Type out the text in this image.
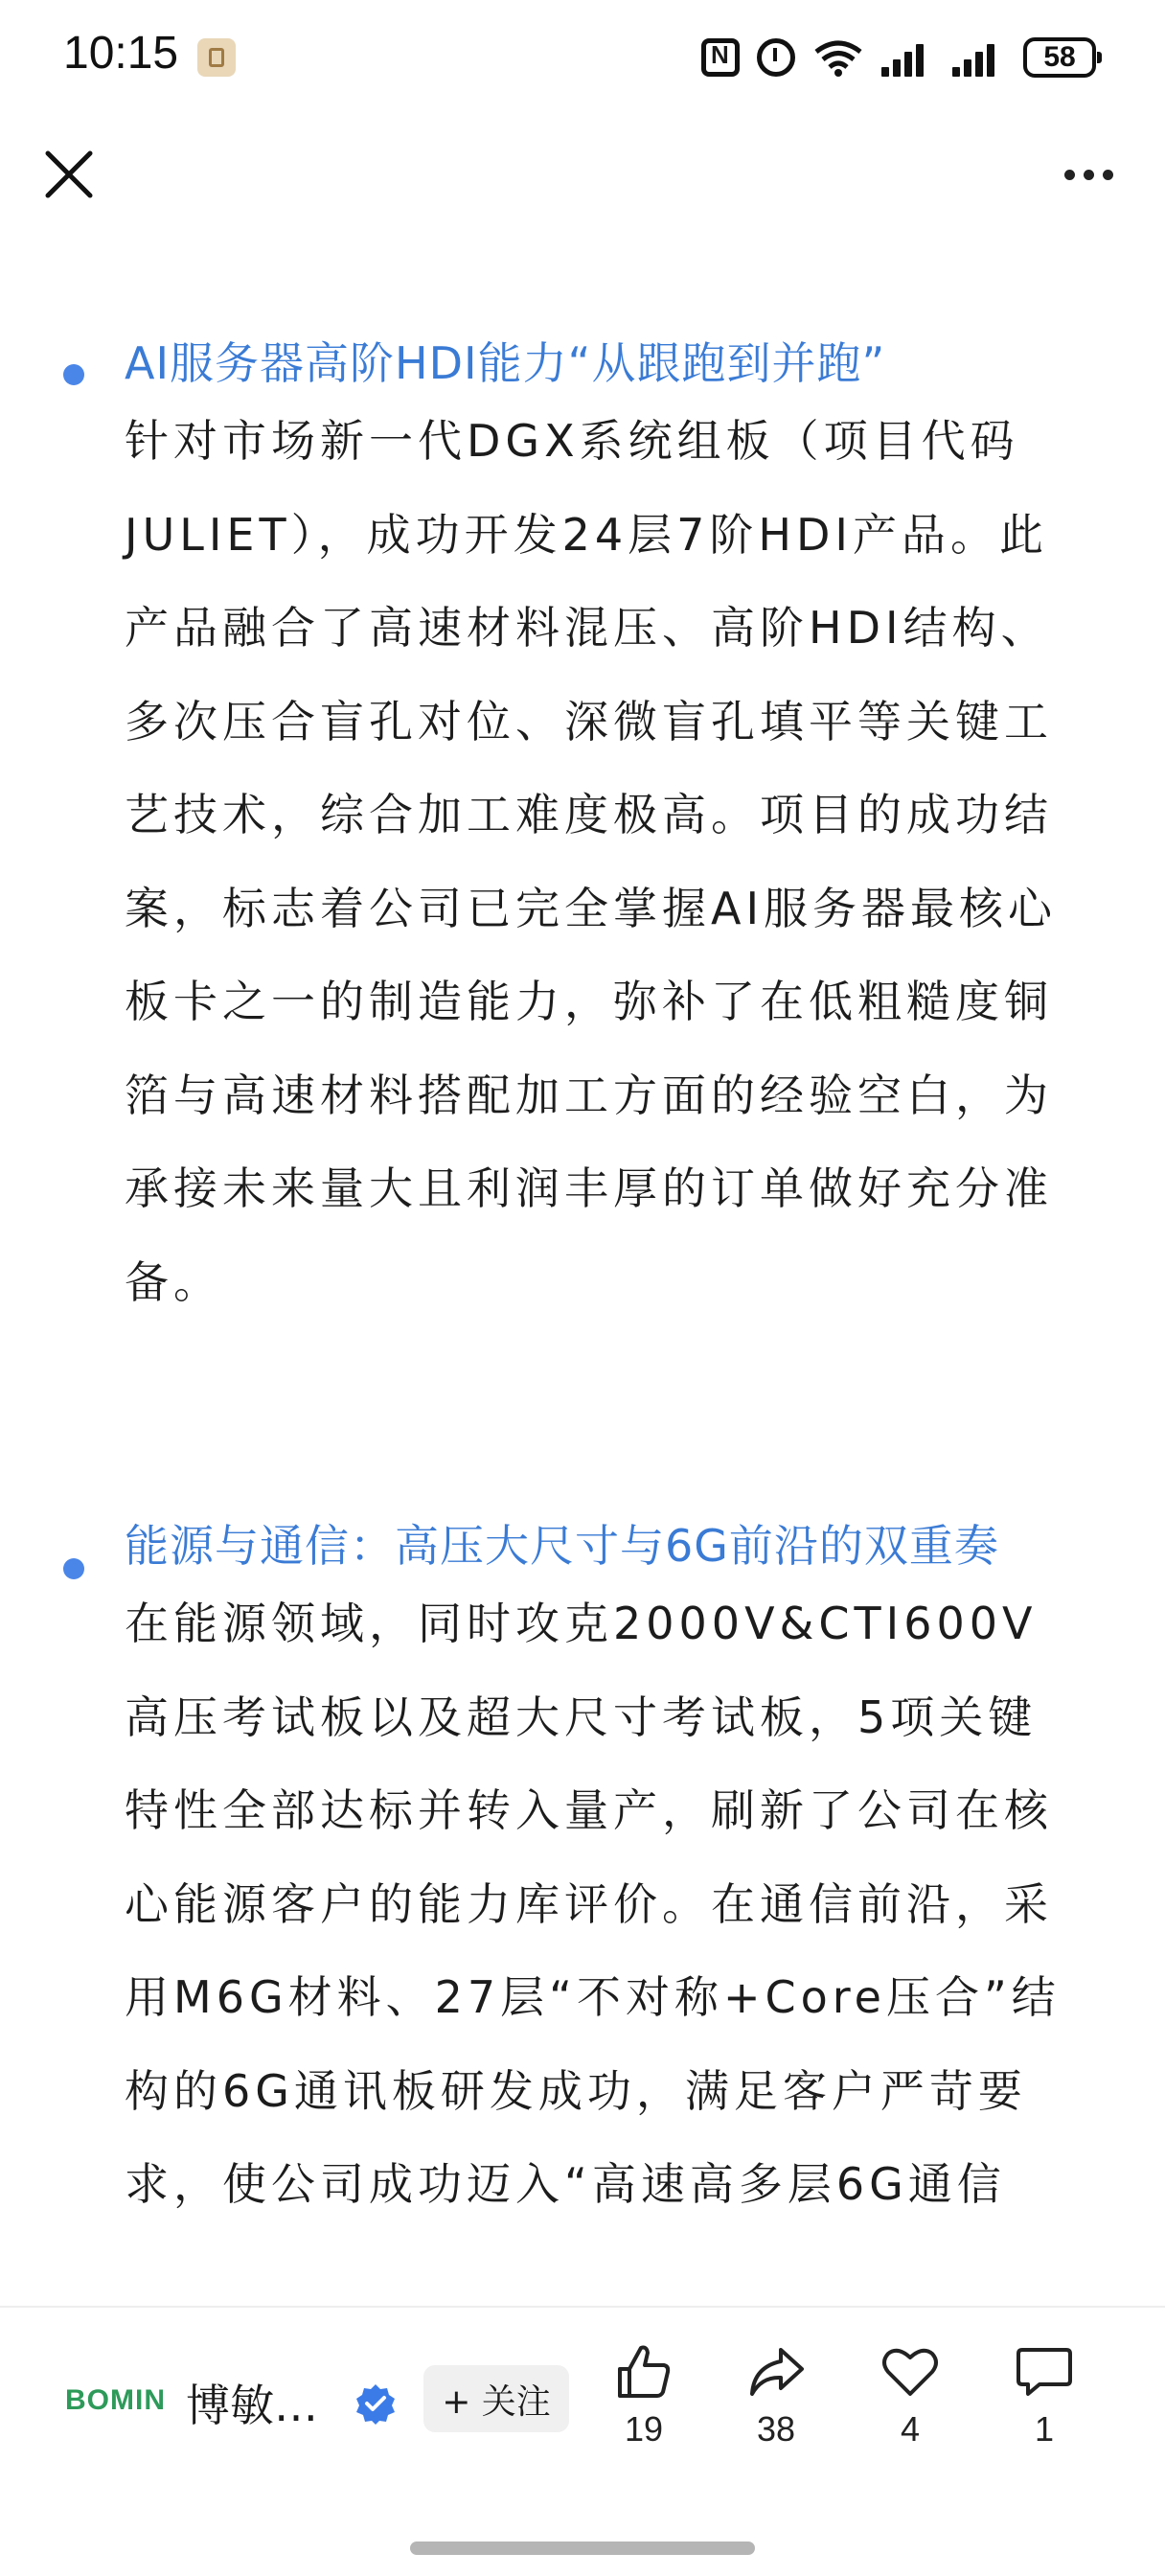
10:15
N	58
AI服务器高阶HDI能力“从跟跑到并跑”
针对市场新一代DGX系统组板（项目代码JULIET），成功开发24层7阶HDI产品。此产品融合了高速材料混压、高阶HDI结构、多次压合盲孔对位、深微盲孔填平等关键工艺技术，综合加工难度极高。项目的成功结案，标志着公司已完全掌握AI服务器最核心板卡之一的制造能力，弥补了在低粗糙度铜箔与高速材料搭配加工方面的经验空白，为承接未来量大且利润丰厚的订单做好充分准备。
能源与通信：高压大尺寸与6G前沿的双重奏
在能源领域，同时攻克2000V&CTI600V高压考试板以及超大尺寸考试板，5项关键特性全部达标并转入量产，刷新了公司在核心能源客户的能力库评价。在通信前沿，采用M6G材料、27层“不对称+Core压合”结构的6G通讯板研发成功，满足客户严苛要求，使公司成功迈入“高速高多层6G通信
BOMIN 博敏…	+ 关注
19	38	4	1
